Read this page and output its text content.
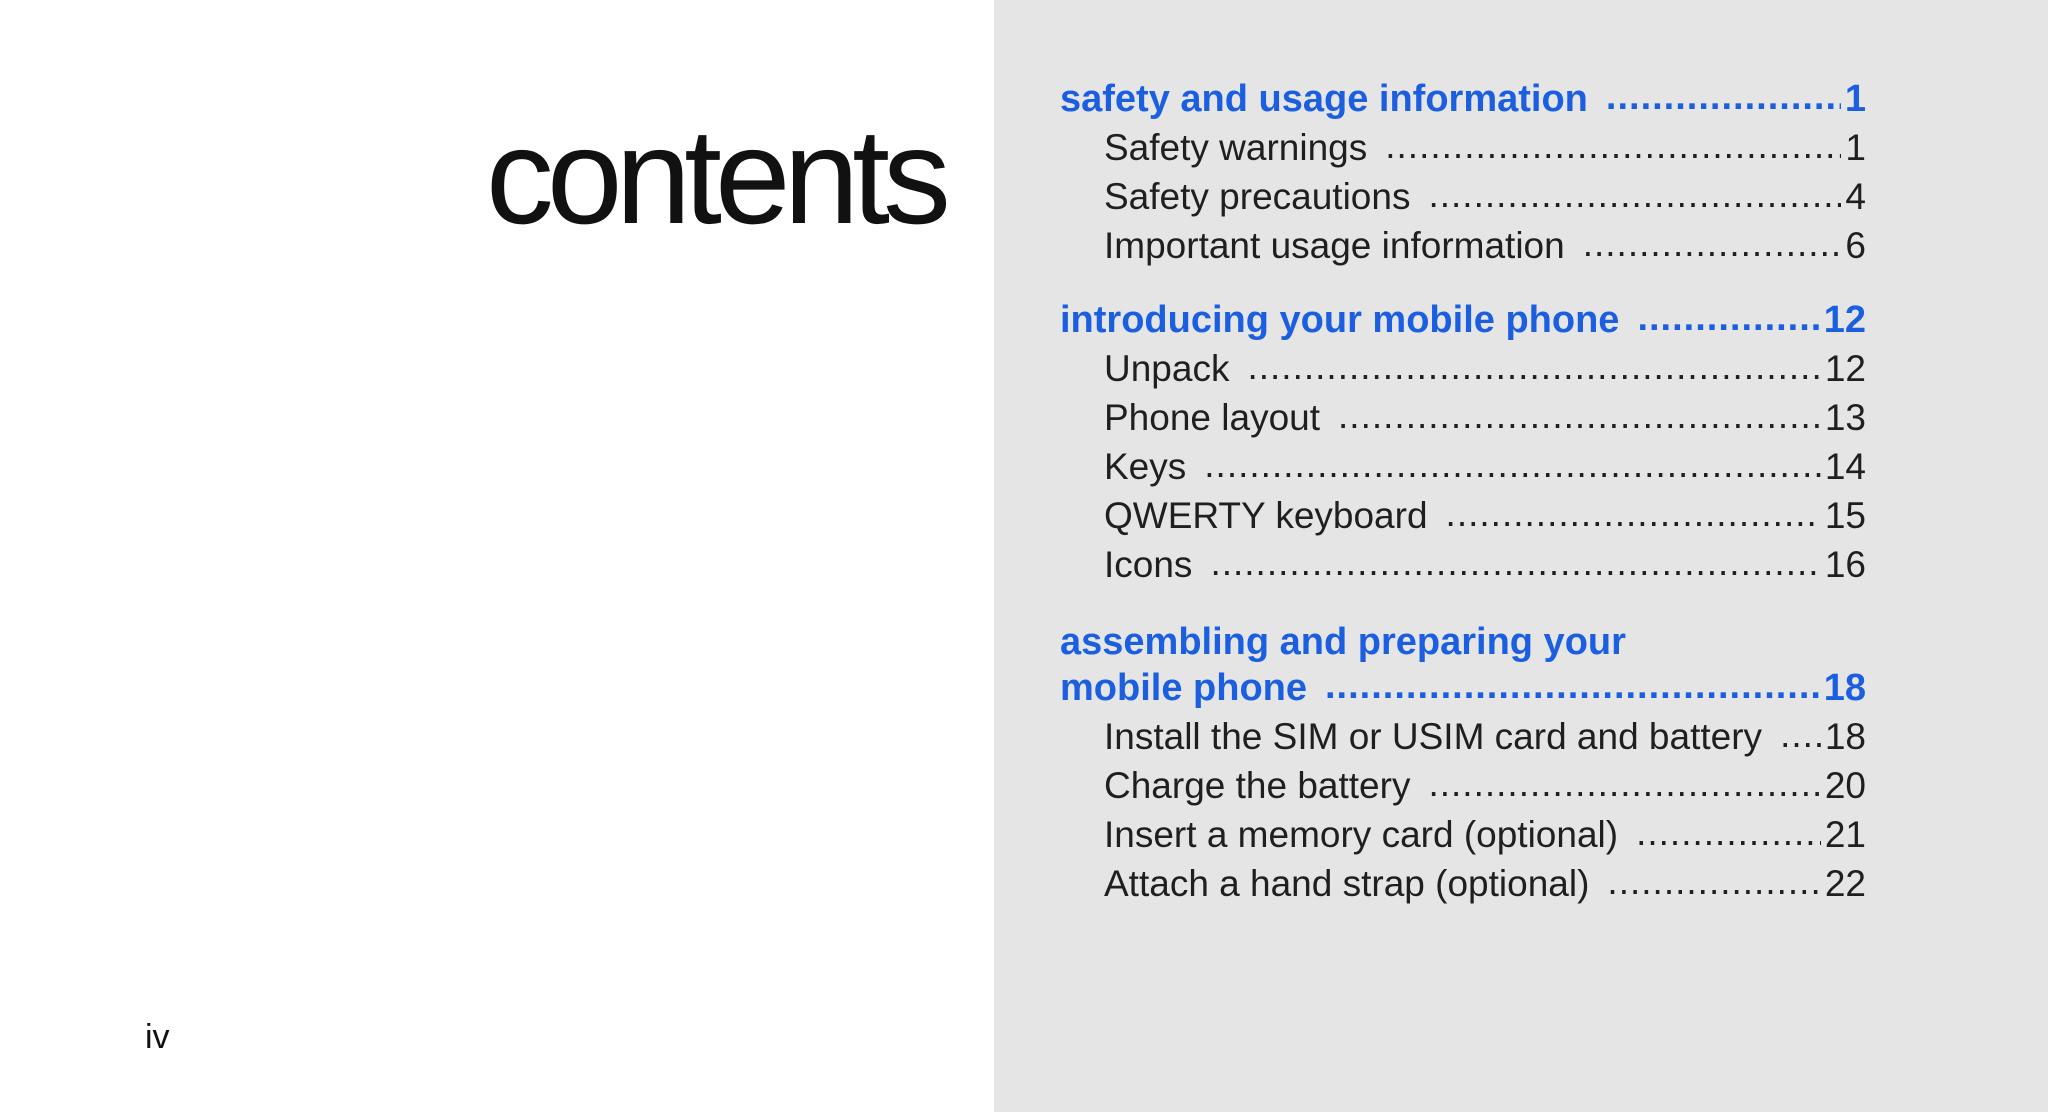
contents
iv
safety and usage information .....	1
Safety warnings .....	1
Safety precautions .....	4
Important usage information .....	6
introducing your mobile phone .....	12
Unpack .....	12
Phone layout .....	13
Keys .....	14
QWERTY keyboard .....	15
Icons .....	16
assembling and preparing your
mobile phone .....	18
Install the SIM or USIM card and battery .....	18
Charge the battery .....	20
Insert a memory card (optional) .....	21
Attach a hand strap (optional) .....	22
